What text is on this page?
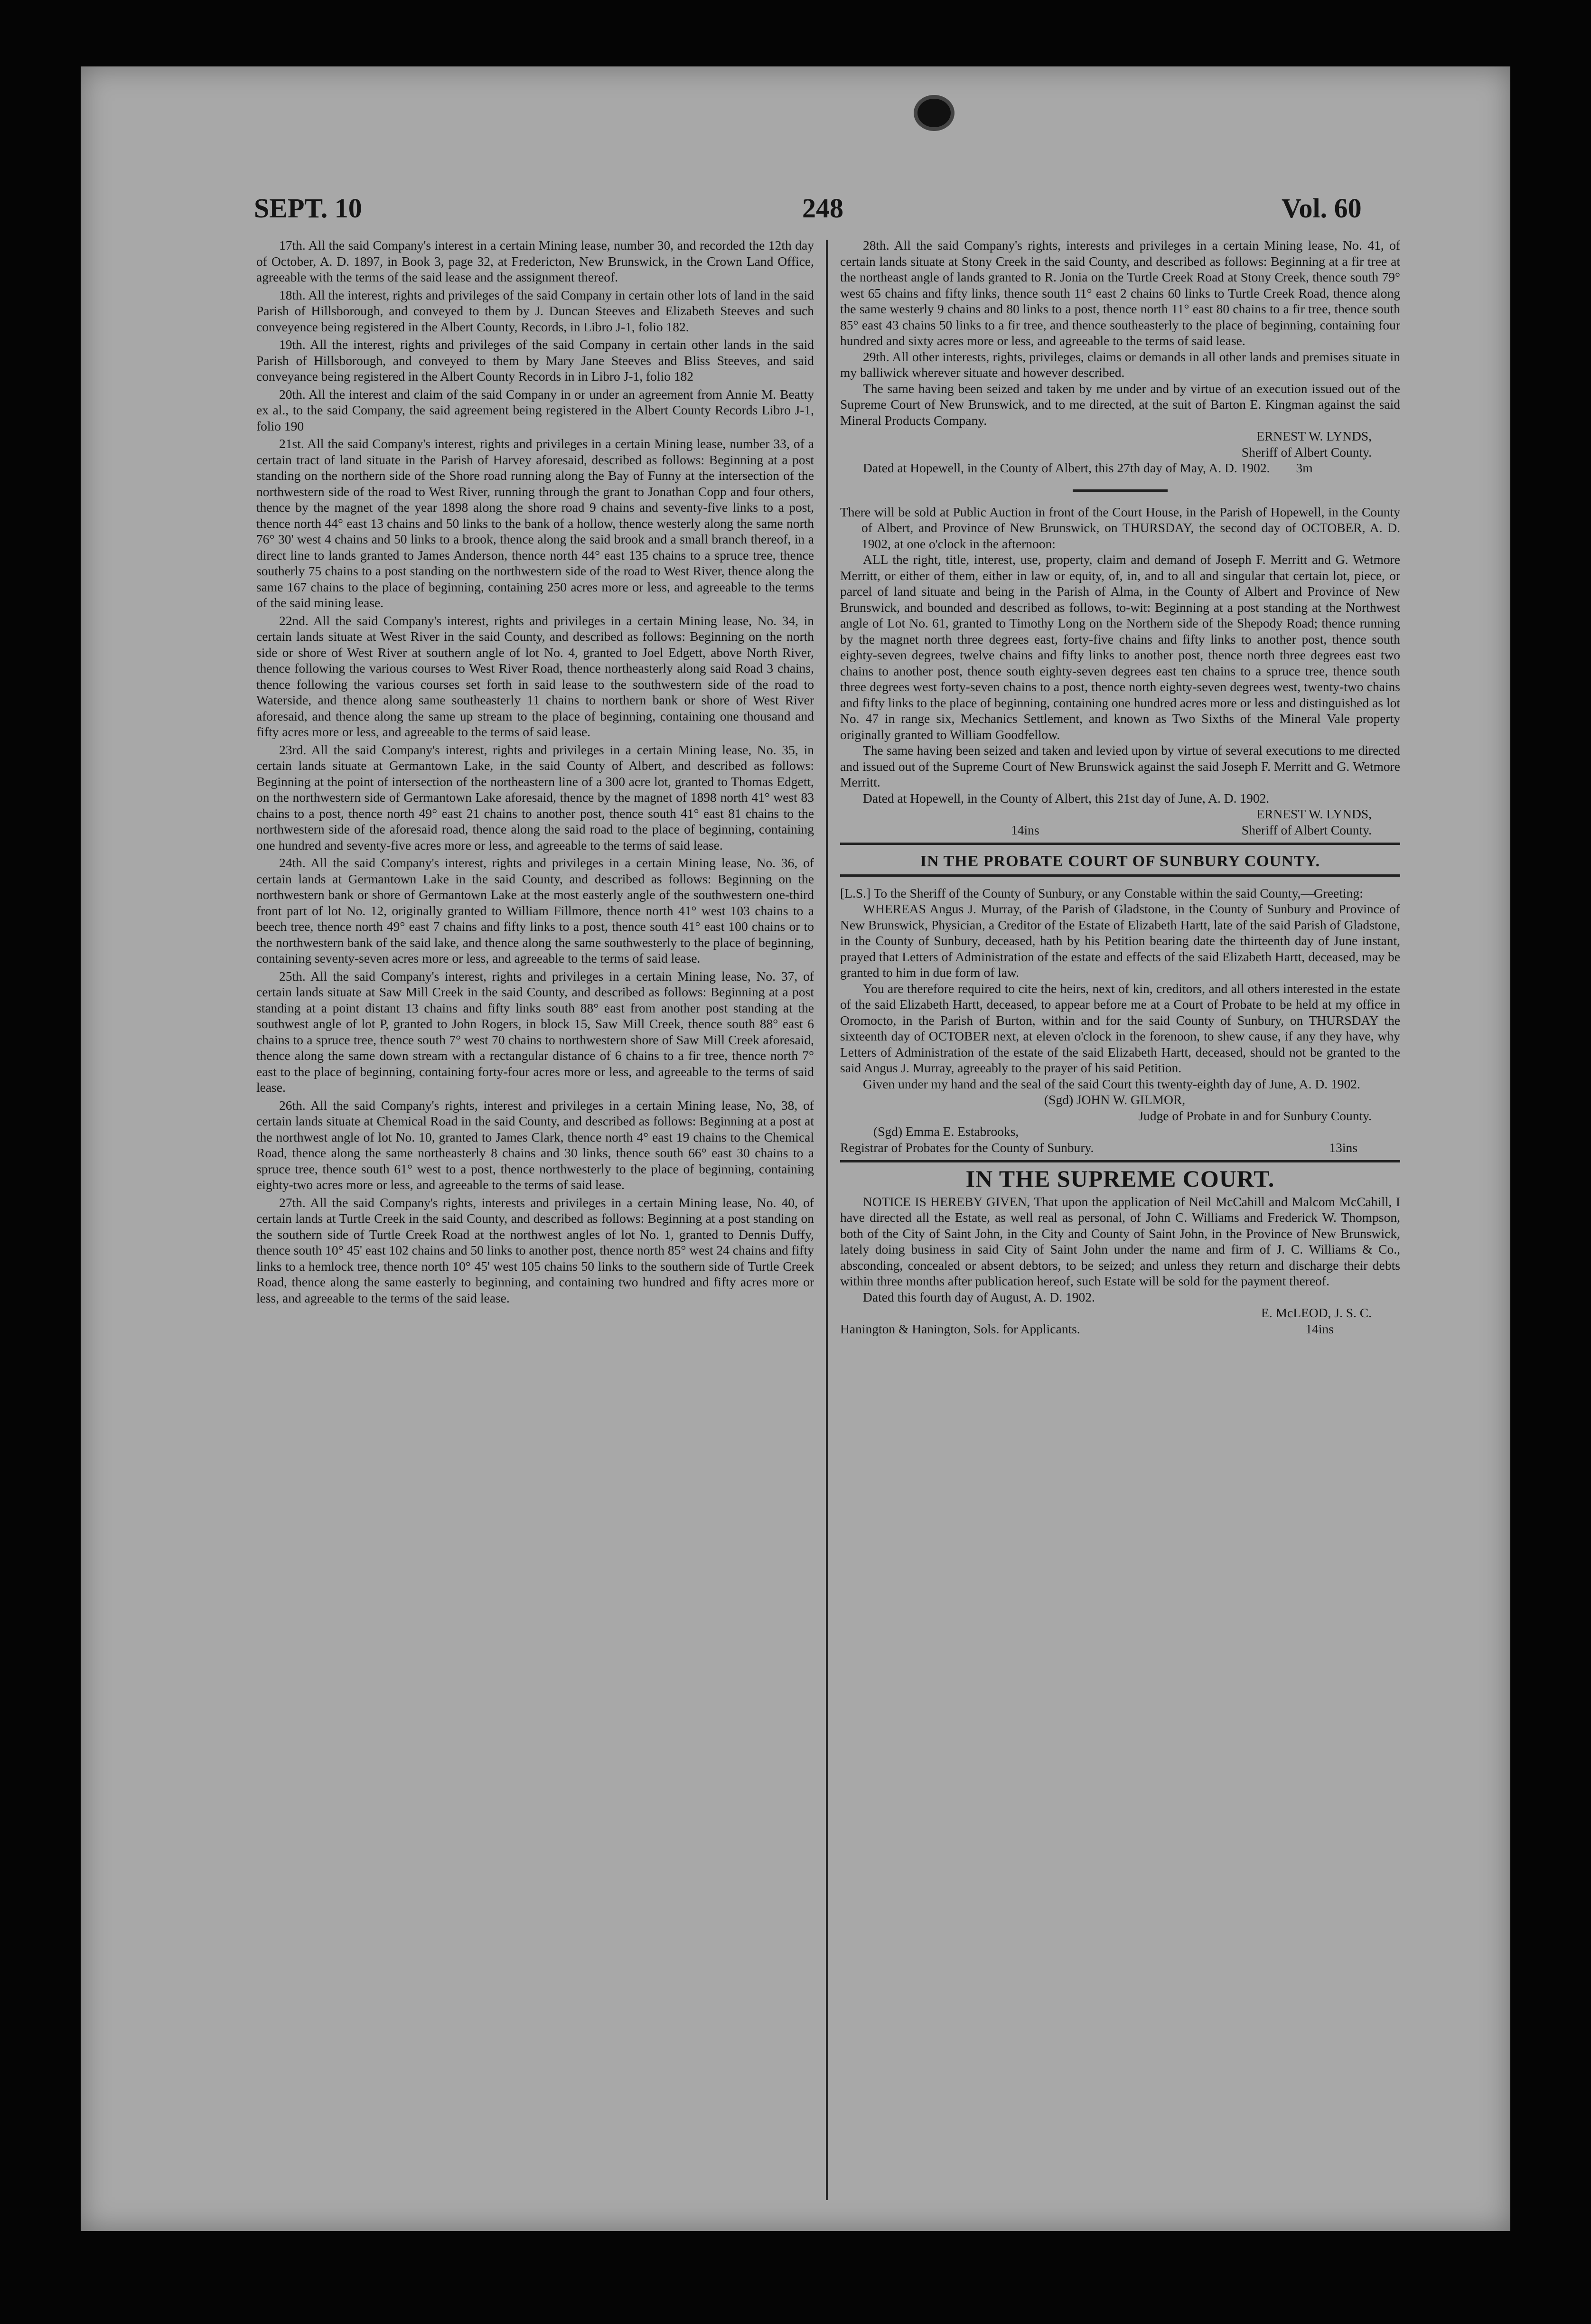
SEPT. 10	248	Vol. 60

17th. All the said Company's interest in a certain Mining lease, number 30, and recorded the 12th day of October, A. D. 1897, in Book 3, page 32, at Fredericton, New Brunswick, in the Crown Land Office, agreeable with the terms of the said lease and the assignment thereof.

18th. All the interest, rights and privileges of the said Company in certain other lots of land in the said Parish of Hillsborough, and conveyed to them by J. Duncan Steeves and Elizabeth Steeves and such conveyence being registered in the Albert County, Records, in Libro J-1, folio 182.

19th. All the interest, rights and privileges of the said Company in certain other lands in the said Parish of Hillsborough, and conveyed to them by Mary Jane Steeves and Bliss Steeves, and said conveyance being registered in the Albert County Records in in Libro J-1, folio 182

20th. All the interest and claim of the said Company in or under an agreement from Annie M. Beatty ex al., to the said Company, the said agreement being registered in the Albert County Records Libro J-1, folio 190

21st. All the said Company's interest, rights and privileges in a certain Mining lease, number 33, of a certain tract of land situate in the Parish of Harvey aforesaid, described as follows: Beginning at a post standing on the northern side of the Shore road running along the Bay of Funny at the intersection of the northwestern side of the road to West River, running through the grant to Jonathan Copp and four others, thence by the magnet of the year 1898 along the shore road 9 chains and seventy-five links to a post, thence north 44° east 13 chains and 50 links to the bank of a hollow, thence westerly along the same north 76° 30' west 4 chains and 50 links to a brook, thence along the said brook and a small branch thereof, in a direct line to lands granted to James Anderson, thence north 44° east 135 chains to a spruce tree, thence southerly 75 chains to a post standing on the northwestern side of the road to West River, thence along the same 167 chains to the place of beginning, containing 250 acres more or less, and agreeable to the terms of the said mining lease.

22nd. All the said Company's interest, rights and privileges in a certain Mining lease, No. 34, in certain lands situate at West River in the said County, and described as follows: Beginning on the north side or shore of West River at southern angle of lot No. 4, granted to Joel Edgett, above North River, thence following the various courses to West River Road, thence northeasterly along said Road 3 chains, thence following the various courses set forth in said lease to the southwestern side of the road to Waterside, and thence along same southeasterly 11 chains to northern bank or shore of West River aforesaid, and thence along the same up stream to the place of beginning, containing one thousand and fifty acres more or less, and agreeable to the terms of said lease.

23rd. All the said Company's interest, rights and privileges in a certain Mining lease, No. 35, in certain lands situate at Germantown Lake, in the said County of Albert, and described as follows: Beginning at the point of intersection of the northeastern line of a 300 acre lot, granted to Thomas Edgett, on the northwestern side of Germantown Lake aforesaid, thence by the magnet of 1898 north 41° west 83 chains to a post, thence north 49° east 21 chains to another post, thence south 41° east 81 chains to the northwestern side of the aforesaid road, thence along the said road to the place of beginning, containing one hundred and seventy-five acres more or less, and agreeable to the terms of said lease.

24th. All the said Company's interest, rights and privileges in a certain Mining lease, No. 36, of certain lands at Germantown Lake in the said County, and described as follows: Beginning on the northwestern bank or shore of Germantown Lake at the most easterly angle of the southwestern one-third front part of lot No. 12, originally granted to William Fillmore, thence north 41° west 103 chains to a beech tree, thence north 49° east 7 chains and fifty links to a post, thence south 41° east 100 chains or to the northwestern bank of the said lake, and thence along the same southwesterly to the place of beginning, containing seventy-seven acres more or less, and agreeable to the terms of said lease.

25th. All the said Company's interest, rights and privileges in a certain Mining lease, No. 37, of certain lands situate at Saw Mill Creek in the said County, and described as follows: Beginning at a post standing at a point distant 13 chains and fifty links south 88° east from another post standing at the southwest angle of lot P, granted to John Rogers, in block 15, Saw Mill Creek, thence south 88° east 6 chains to a spruce tree, thence south 7° west 70 chains to northwestern shore of Saw Mill Creek aforesaid, thence along the same down stream with a rectangular distance of 6 chains to a fir tree, thence north 7° east to the place of beginning, containing forty-four acres more or less, and agreeable to the terms of said lease.

26th. All the said Company's rights, interest and privileges in a certain Mining lease, No, 38, of certain lands situate at Chemical Road in the said County, and described as follows: Beginning at a post at the northwest angle of lot No. 10, granted to James Clark, thence north 4° east 19 chains to the Chemical Road, thence along the same northeasterly 8 chains and 30 links, thence south 66° east 30 chains to a spruce tree, thence south 61° west to a post, thence northwesterly to the place of beginning, containing eighty-two acres more or less, and agreeable to the terms of said lease.

27th. All the said Company's rights, interests and privileges in a certain Mining lease, No. 40, of certain lands at Turtle Creek in the said County, and described as follows: Beginning at a post standing on the southern side of Turtle Creek Road at the northwest angles of lot No. 1, granted to Dennis Duffy, thence south 10° 45' east 102 chains and 50 links to another post, thence north 85° west 24 chains and fifty links to a hemlock tree, thence north 10° 45' west 105 chains 50 links to the southern side of Turtle Creek Road, thence along the same easterly to beginning, and containing two hundred and fifty acres more or less, and agreeable to the terms of the said lease.

28th. All the said Company's rights, interests and privileges in a certain Mining lease, No. 41, of certain lands situate at Stony Creek in the said County, and described as follows: Beginning at a fir tree at the northeast angle of lands granted to R. Jonia on the Turtle Creek Road at Stony Creek, thence south 79° west 65 chains and fifty links, thence south 11° east 2 chains 60 links to Turtle Creek Road, thence along the same westerly 9 chains and 80 links to a post, thence north 11° east 80 chains to a fir tree, thence south 85° east 43 chains 50 links to a fir tree, and thence southeasterly to the place of beginning, containing four hundred and sixty acres more or less, and agreeable to the terms of said lease.

29th. All other interests, rights, privileges, claims or demands in all other lands and premises situate in my balliwick wherever situate and however described.

The same having been seized and taken by me under and by virtue of an execution issued out of the Supreme Court of New Brunswick, and to me directed, at the suit of Barton E. Kingman against the said Mineral Products Company.

ERNEST W. LYNDS,
Sheriff of Albert County.

Dated at Hopewell, in the County of Albert, this 27th day of May, A. D. 1902. 3m

There will be sold at Public Auction in front of the Court House, in the Parish of Hopewell, in the County of Albert, and Province of New Brunswick, on THURSDAY, the second day of OCTOBER, A. D. 1902, at one o'clock in the afternoon:

ALL the right, title, interest, use, property, claim and demand of Joseph F. Merritt and G. Wetmore Merritt, or either of them, either in law or equity, of, in, and to all and singular that certain lot, piece, or parcel of land situate and being in the Parish of Alma, in the County of Albert and Province of New Brunswick, and bounded and described as follows, to-wit: Beginning at a post standing at the Northwest angle of Lot No. 61, granted to Timothy Long on the Northern side of the Shepody Road; thence running by the magnet north three degrees east, forty-five chains and fifty links to another post, thence south eighty-seven degrees, twelve chains and fifty links to another post, thence north three degrees east two chains to another post, thence south eighty-seven degrees east ten chains to a spruce tree, thence south three degrees west forty-seven chains to a post, thence north eighty-seven degrees west, twenty-two chains and fifty links to the place of beginning, containing one hundred acres more or less and distinguished as lot No. 47 in range six, Mechanics Settlement, and known as Two Sixths of the Mineral Vale property originally granted to William Goodfellow.

The same having been seized and taken and levied upon by virtue of several executions to me directed and issued out of the Supreme Court of New Brunswick against the said Joseph F. Merritt and G. Wetmore Merritt.

Dated at Hopewell, in the County of Albert, this 21st day of June, A. D. 1902.

ERNEST W. LYNDS,
14ins	Sheriff of Albert County.
IN THE PROBATE COURT OF SUNBURY COUNTY.

[L.S.] To the Sheriff of the County of Sunbury, or any Constable within the said County,—Greeting:

WHEREAS Angus J. Murray, of the Parish of Gladstone, in the County of Sunbury and Province of New Brunswick, Physician, a Creditor of the Estate of Elizabeth Hartt, late of the said Parish of Gladstone, in the County of Sunbury, deceased, hath by his Petition bearing date the thirteenth day of June instant, prayed that Letters of Administration of the estate and effects of the said Elizabeth Hartt, deceased, may be granted to him in due form of law.

You are therefore required to cite the heirs, next of kin, creditors, and all others interested in the estate of the said Elizabeth Hartt, deceased, to appear before me at a Court of Probate to be held at my office in Oromocto, in the Parish of Burton, within and for the said County of Sunbury, on THURSDAY the sixteenth day of OCTOBER next, at eleven o'clock in the forenoon, to shew cause, if any they have, why Letters of Administration of the estate of the said Elizabeth Hartt, deceased, should not be granted to the said Angus J. Murray, agreeably to the prayer of his said Petition.

Given under my hand and the seal of the said Court this twenty-eighth day of June, A. D. 1902.

(Sgd) JOHN W. GILMOR,
Judge of Probate in and for Sunbury County.
(Sgd) Emma E. Estabrooks,
Registrar of Probates for the County of Sunbury.	13ins
IN THE SUPREME COURT.

NOTICE IS HEREBY GIVEN, That upon the application of Neil McCahill and Malcom McCahill, I have directed all the Estate, as well real as personal, of John C. Williams and Frederick W. Thompson, both of the City of Saint John, in the City and County of Saint John, in the Province of New Brunswick, lately doing business in said City of Saint John under the name and firm of J. C. Williams & Co., absconding, concealed or absent debtors, to be seized; and unless they return and discharge their debts within three months after publication hereof, such Estate will be sold for the payment thereof.

Dated this fourth day of August, A. D. 1902.

E. McLEOD, J. S. C.
Hanington & Hanington, Sols. for Applicants.	14ins
